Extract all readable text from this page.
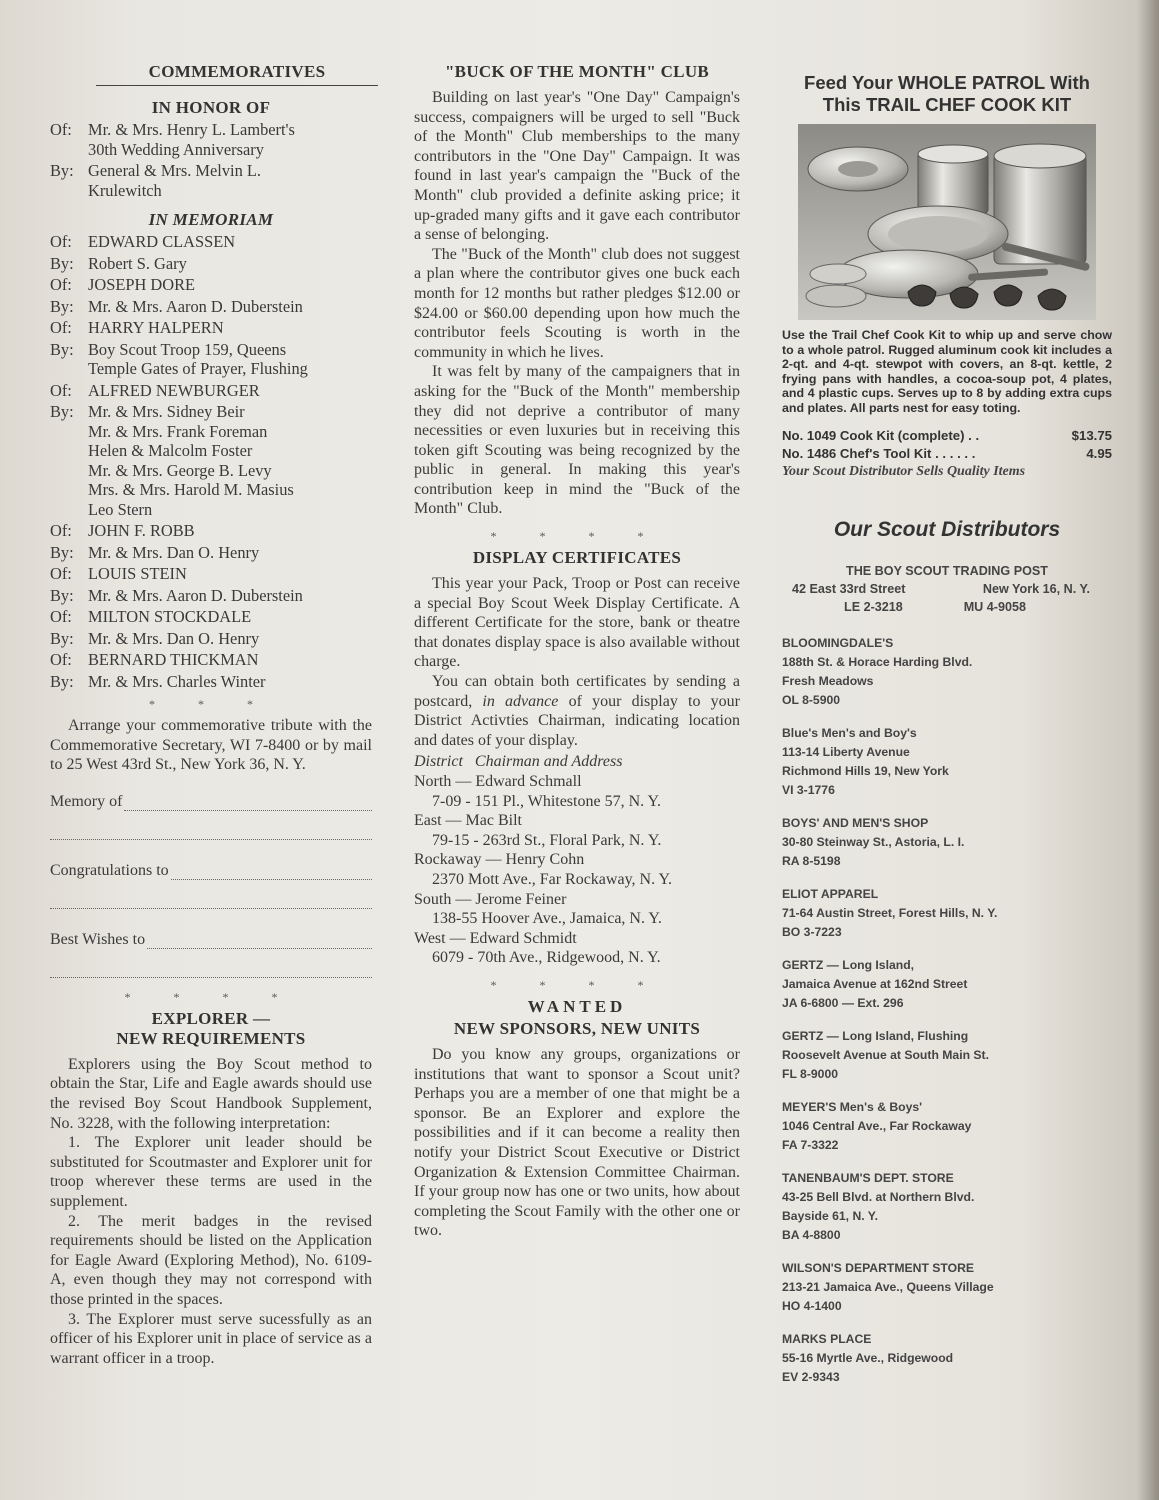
COMMEMORATIVES
IN HONOR OF
Of: Mr. & Mrs. Henry L. Lambert's
30th Wedding Anniversary
By: General & Mrs. Melvin L.
Krulewitch
IN MEMORIAM
Of: EDWARD CLASSEN
By: Robert S. Gary
Of: JOSEPH DORE
By: Mr. & Mrs. Aaron D. Duberstein
Of: HARRY HALPERN
By: Boy Scout Troop 159, Queens
Temple Gates of Prayer, Flushing
Of: ALFRED NEWBURGER
By: Mr. & Mrs. Sidney Beir
Mr. & Mrs. Frank Foreman
Helen & Malcolm Foster
Mr. & Mrs. George B. Levy
Mrs. & Mrs. Harold M. Masius
Leo Stern
Of: JOHN F. ROBB
By: Mr. & Mrs. Dan O. Henry
Of: LOUIS STEIN
By: Mr. & Mrs. Aaron D. Duberstein
Of: MILTON STOCKDALE
By: Mr. & Mrs. Dan O. Henry
Of: BERNARD THICKMAN
By: Mr. & Mrs. Charles Winter
* * *

Arrange your commemorative tribute with the Commemorative Secretary, WI 7-8400 or by mail to 25 West 43rd St., New York 36, N. Y.

Memory of
Congratulations to
Best Wishes to
* * * *
EXPLORER —
NEW REQUIREMENTS

Explorers using the Boy Scout method to obtain the Star, Life and Eagle awards should use the revised Boy Scout Handbook Supplement, No. 3228, with the following interpretation:

1. The Explorer unit leader should be substituted for Scoutmaster and Explorer unit for troop wherever these terms are used in the supplement.

2. The merit badges in the revised requirements should be listed on the Application for Eagle Award (Exploring Method), No. 6109-A, even though they may not correspond with those printed in the spaces.

3. The Explorer must serve sucessfully as an officer of his Explorer unit in place of service as a warrant officer in a troop.

"BUCK OF THE MONTH" CLUB

Building on last year's "One Day" Campaign's success, compaigners will be urged to sell "Buck of the Month" Club memberships to the many contributors in the "One Day" Campaign. It was found in last year's campaign the "Buck of the Month" club provided a definite asking price; it up-graded many gifts and it gave each contributor a sense of belonging.

The "Buck of the Month" club does not suggest a plan where the contributor gives one buck each month for 12 months but rather pledges $12.00 or $24.00 or $60.00 depending upon how much the contributor feels Scouting is worth in the community in which he lives.

It was felt by many of the campaigners that in asking for the "Buck of the Month" membership they did not deprive a contributor of many necessities or even luxuries but in receiving this token gift Scouting was being recognized by the public in general. In making this year's contribution keep in mind the "Buck of the Month" Club.

* * * *
DISPLAY CERTIFICATES

This year your Pack, Troop or Post can receive a special Boy Scout Week Display Certificate. A different Certificate for the store, bank or theatre that donates display space is also available without charge.

You can obtain both certificates by sending a postcard, in advance of your display to your District Activties Chairman, indicating location and dates of your display.

District   Chairman and Address

North — Edward Schmall

7-09 - 151 Pl., Whitestone 57, N. Y.

East — Mac Bilt

79-15 - 263rd St., Floral Park, N. Y.

Rockaway — Henry Cohn

2370 Mott Ave., Far Rockaway, N. Y.

South — Jerome Feiner

138-55 Hoover Ave., Jamaica, N. Y.

West — Edward Schmidt

6079 - 70th Ave., Ridgewood, N. Y.

* * * *
WANTED
NEW SPONSORS, NEW UNITS

Do you know any groups, organizations or institutions that want to sponsor a Scout unit? Perhaps you are a member of one that might be a sponsor. Be an Explorer and explore the possibilities and if it can become a reality then notify your District Scout Executive or District Organization & Extension Committee Chairman. If your group now has one or two units, how about completing the Scout Family with the other one or two.

Feed Your WHOLE PATROL With

This TRAIL CHEF COOK KIT

Use the Trail Chef Cook Kit to whip up and serve chow to a whole patrol. Rugged aluminum cook kit includes a 2-qt. and 4-qt. stewpot with covers, an 8-qt. kettle, 2 frying pans with handles, a cocoa-soup pot, 4 plates, and 4 plastic cups. Serves up to 8 by adding extra cups and plates. All parts nest for easy toting.

No. 1049 Cook Kit (complete) . .	$13.75
No. 1486 Chef's Tool Kit . . . . . .	4.95
Your Scout Distributor Sells Quality Items
Our Scout Distributors
THE BOY SCOUT TRADING POST
42 East 33rd Street	New York 16, N. Y.
LE 2-3218	MU 4-9058
BLOOMINGDALE'S
188th St. & Horace Harding Blvd.
Fresh Meadows
OL 8-5900
Blue's Men's and Boy's
113-14 Liberty Avenue
Richmond Hills 19, New York
VI 3-1776
BOYS' AND MEN'S SHOP
30-80 Steinway St., Astoria, L. I.
RA 8-5198
ELIOT APPAREL
71-64 Austin Street, Forest Hills, N. Y.
BO 3-7223
GERTZ — Long Island,
Jamaica Avenue at 162nd Street
JA 6-6800 — Ext. 296
GERTZ — Long Island, Flushing
Roosevelt Avenue at South Main St.
FL 8-9000
MEYER'S Men's & Boys'
1046 Central Ave., Far Rockaway
FA 7-3322
TANENBAUM'S DEPT. STORE
43-25 Bell Blvd. at Northern Blvd.
Bayside 61, N. Y.
BA 4-8800
WILSON'S DEPARTMENT STORE
213-21 Jamaica Ave., Queens Village
HO 4-1400
MARKS PLACE
55-16 Myrtle Ave., Ridgewood
EV 2-9343
